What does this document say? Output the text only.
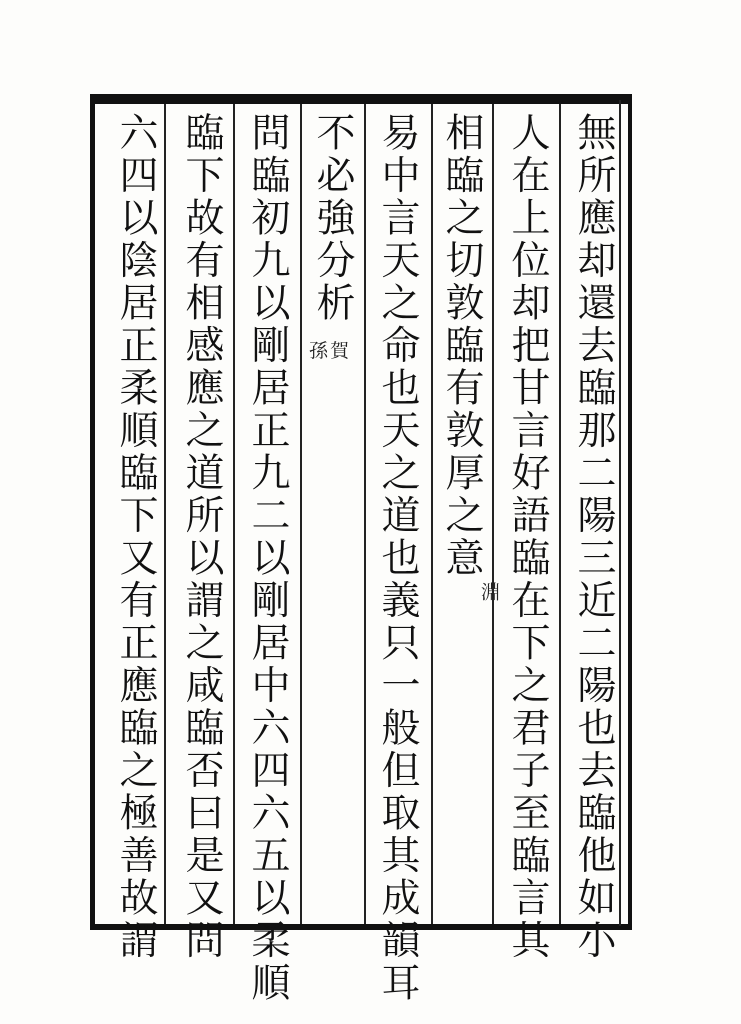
無所應却還去臨那二陽三近二陽也去臨他如小
人在上位却把甘言好語臨在下之君子至臨言其
相臨之切敦臨有敦厚之意
淵
易中言天之命也天之道也義只一般但取其成韻耳
不必強分析
孫賀
問臨初九以剛居正九二以剛居中六四六五以柔順
臨下故有相感應之道所以謂之咸臨否曰是又問
六四以陰居正柔順臨下又有正應臨之極善故謂
